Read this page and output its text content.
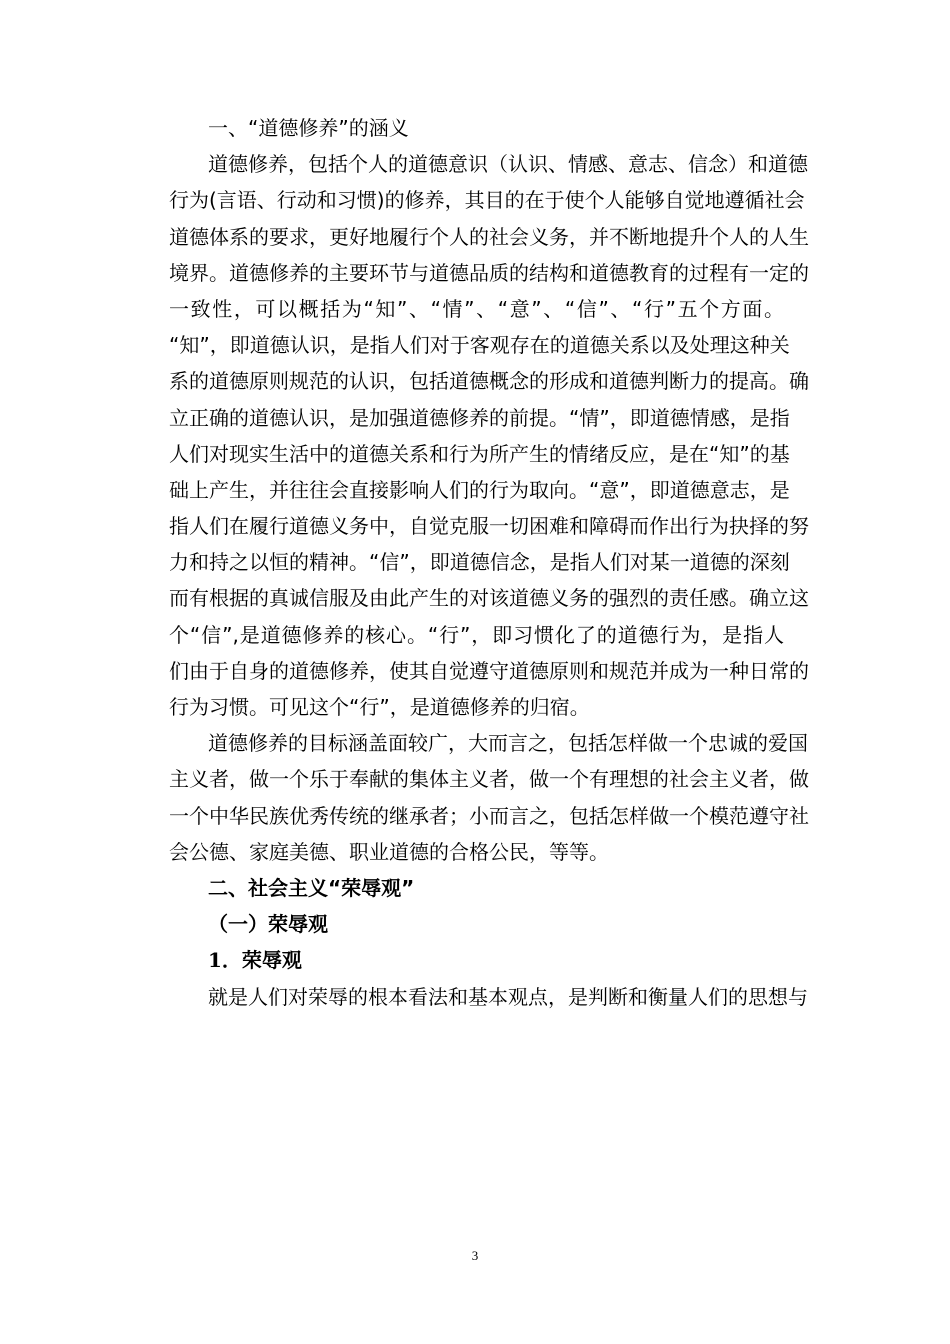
一、“道德修养”的涵义
道德修养，包括个人的道德意识（认识、情感、意志、信念）和道德
行为(言语、行动和习惯)的修养，其目的在于使个人能够自觉地遵循社会
道德体系的要求，更好地履行个人的社会义务，并不断地提升个人的人生
境界。道德修养的主要环节与道德品质的结构和道德教育的过程有一定的
一致性，可以概括为“知”、“情”、“意”、“信”、“行”五个方面。
“知”，即道德认识，是指人们对于客观存在的道德关系以及处理这种关
系的道德原则规范的认识，包括道德概念的形成和道德判断力的提高。确
立正确的道德认识，是加强道德修养的前提。“情”，即道德情感，是指
人们对现实生活中的道德关系和行为所产生的情绪反应，是在“知”的基
础上产生，并往往会直接影响人们的行为取向。“意”，即道德意志，是
指人们在履行道德义务中，自觉克服一切困难和障碍而作出行为抉择的努
力和持之以恒的精神。“信”，即道德信念，是指人们对某一道德的深刻
而有根据的真诚信服及由此产生的对该道德义务的强烈的责任感。确立这
个“信”,是道德修养的核心。“行”，即习惯化了的道德行为，是指人
们由于自身的道德修养，使其自觉遵守道德原则和规范并成为一种日常的
行为习惯。可见这个“行”，是道德修养的归宿。
道德修养的目标涵盖面较广，大而言之，包括怎样做一个忠诚的爱国
主义者，做一个乐于奉献的集体主义者，做一个有理想的社会主义者，做
一个中华民族优秀传统的继承者；小而言之，包括怎样做一个模范遵守社
会公德、家庭美德、职业道德的合格公民，等等。
二、社会主义“荣辱观”
（一）荣辱观
1．荣辱观
就是人们对荣辱的根本看法和基本观点，是判断和衡量人们的思想与
3
